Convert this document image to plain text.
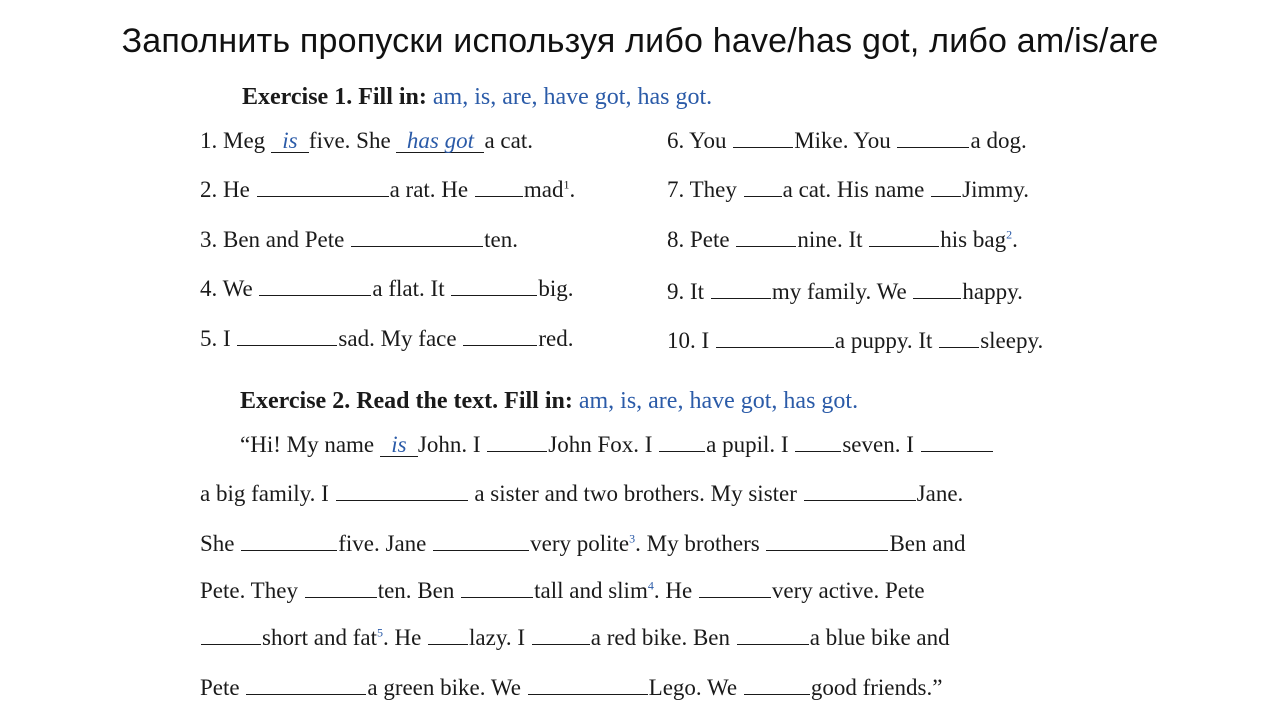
Заполнить пропуски используя либо have/has got, либо am/is/are
Exercise 1. Fill in: am, is, are, have got, has got.
1. Meg is five. She has got a cat.
2. He	a rat. He mad$^1$.
3. Ben and Pete	ten.
4. We	a flat. It	big.
5. I	sad. My face	red.
6. You	Mike. You	a dog.
7. They a cat. His name Jimmy.
8. Pete	nine. It	his bag$^2$.
9. It	my family. We happy.
10. I	a puppy. It sleepy.
Exercise 2. Read the text. Fill in: am, is, are, have got, has got.
“Hi! My name is John. I	John Fox. I a pupil. I seven. I
a big family. I	a sister and two brothers. My sister	Jane.
She	five. Jane	very polite$^3$. My brothers	Ben and
Pete. They	ten. Ben	tall and slim$^4$. He	very active. Pete
short and fat$^5$. He lazy. I	a red bike. Ben	a blue bike and
Pete	a green bike. We	Lego. We	good friends.”
